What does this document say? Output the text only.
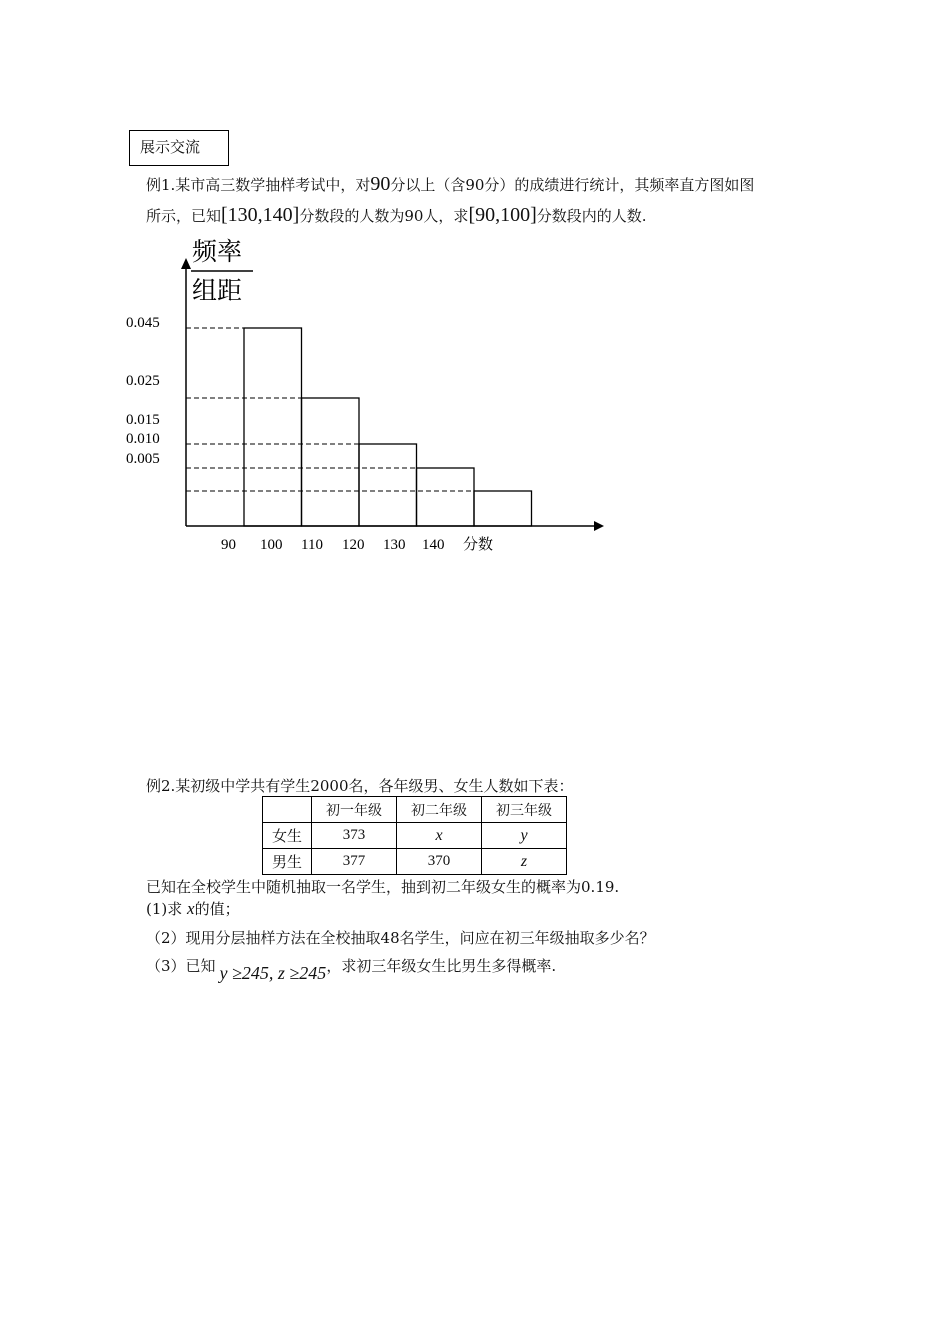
展示交流
例1.某市高三数学抽样考试中，对90分以上（含90分）的成绩进行统计，其频率直方图如图
所示，已知[130,140]分数段的人数为90人，求[90,100]分数段内的人数.
频率
组距
0.045
0.025
0.015
0.010
0.005
90 100 110 120 130 140 分数
例2.某初级中学共有学生2000名，各年级男、女生人数如下表：
	初一年级	初二年级	初三年级
女生	373	x	y
男生	377	370	z
已知在全校学生中随机抽取一名学生，抽到初二年级女生的概率为0.19.
(1)求 x的值；
（2）现用分层抽样方法在全校抽取48名学生，问应在初三年级抽取多少名？
（3）已知 y ≥245, z ≥245，求初三年级女生比男生多得概率.
